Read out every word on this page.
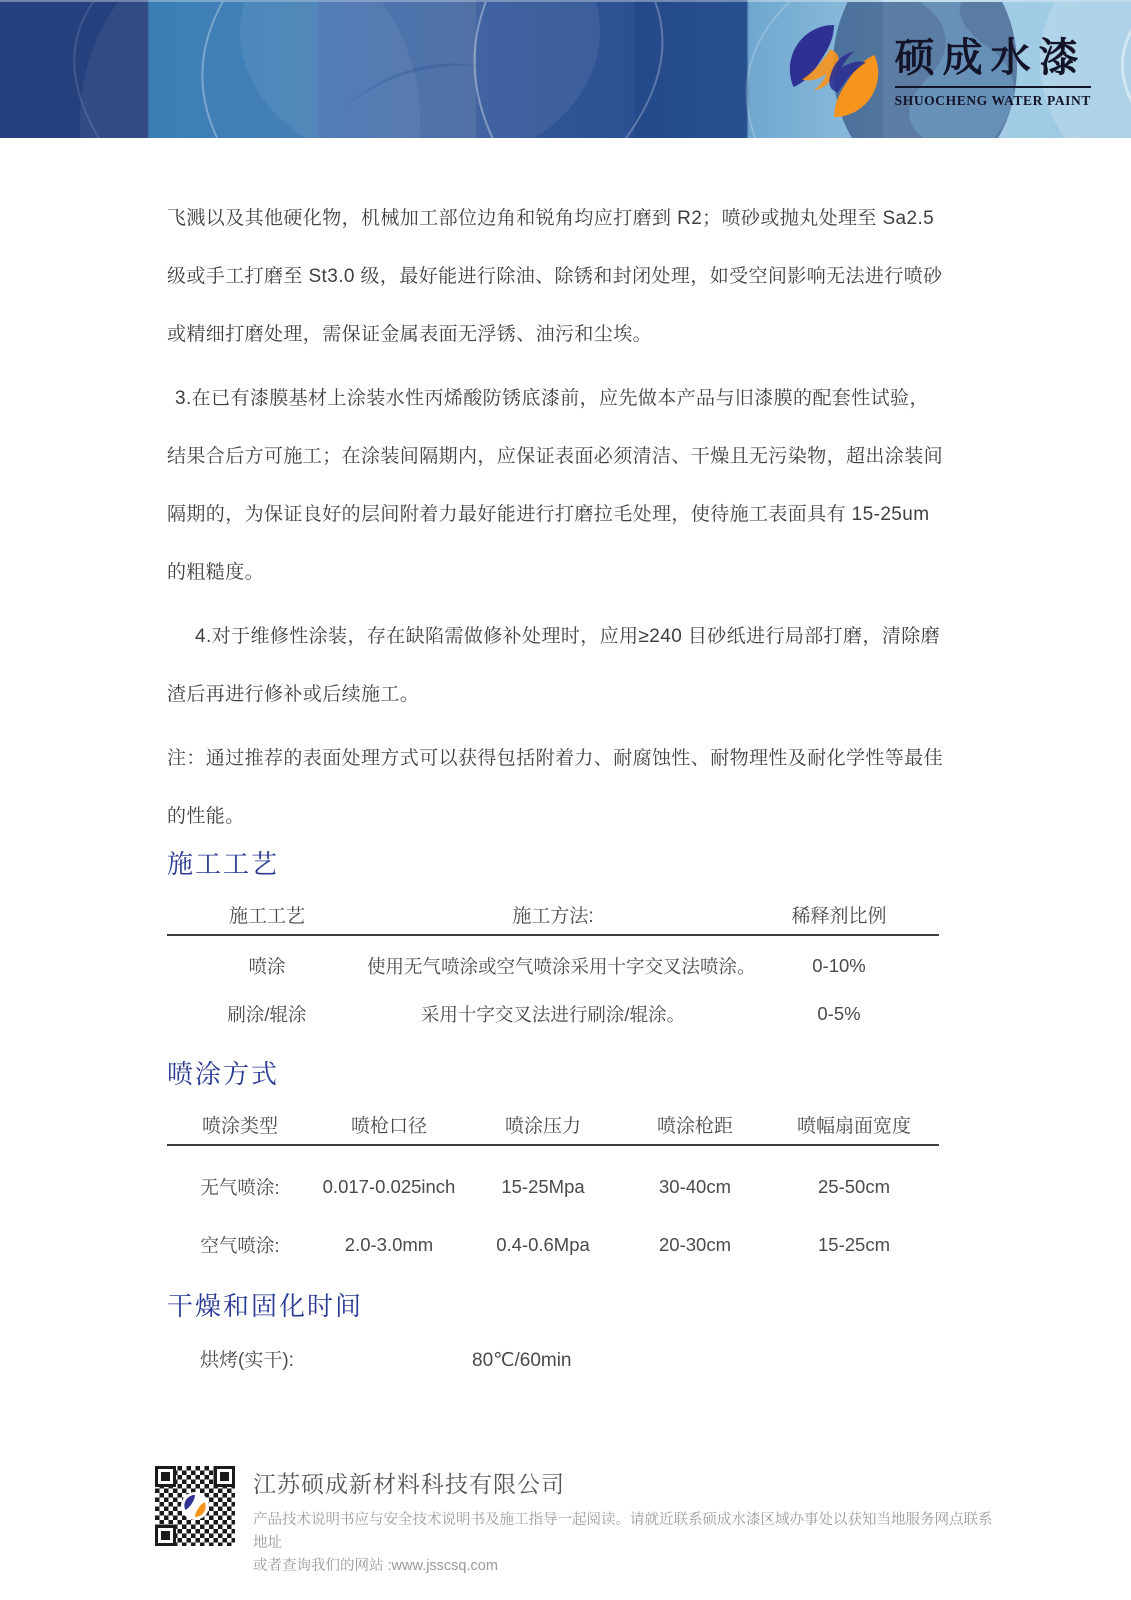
硕成水漆
SHUOCHENG WATER PAINT
飞溅以及其他硬化物，机械加工部位边角和锐角均应打磨到 R2；喷砂或抛丸处理至 Sa2.5
级或手工打磨至 St3.0 级，最好能进行除油、除锈和封闭处理，如受空间影响无法进行喷砂
或精细打磨处理，需保证金属表面无浮锈、油污和尘埃。
3.在已有漆膜基材上涂装水性丙烯酸防锈底漆前，应先做本产品与旧漆膜的配套性试验，
结果合后方可施工；在涂装间隔期内，应保证表面必须清洁、干燥且无污染物，超出涂装间
隔期的，为保证良好的层间附着力最好能进行打磨拉毛处理，使待施工表面具有 15-25um
的粗糙度。
4.对于维修性涂装，存在缺陷需做修补处理时，应用≥240 目砂纸进行局部打磨，清除磨
渣后再进行修补或后续施工。
注：通过推荐的表面处理方式可以获得包括附着力、耐腐蚀性、耐物理性及耐化学性等最佳
的性能。
施工工艺
施工工艺	施工方法:	稀释剂比例
喷涂	使用无气喷涂或空气喷涂采用十字交叉法喷涂。	0-10%
刷涂/辊涂	采用十字交叉法进行刷涂/辊涂。	0-5%
喷涂方式
喷涂类型	喷枪口径	喷涂压力	喷涂枪距	喷幅扇面宽度
无气喷涂:	0.017-0.025inch	15-25Mpa	30-40cm	25-50cm
空气喷涂:	2.0-3.0mm	0.4-0.6Mpa	20-30cm	15-25cm
干燥和固化时间
烘烤(实干):	80℃/60min
江苏硕成新材料科技有限公司
产品技术说明书应与安全技术说明书及施工指导一起阅读。请就近联系硕成水漆区域办事处以获知当地服务网点联系地址
或者查询我们的网站 :www.jsscsq.com
